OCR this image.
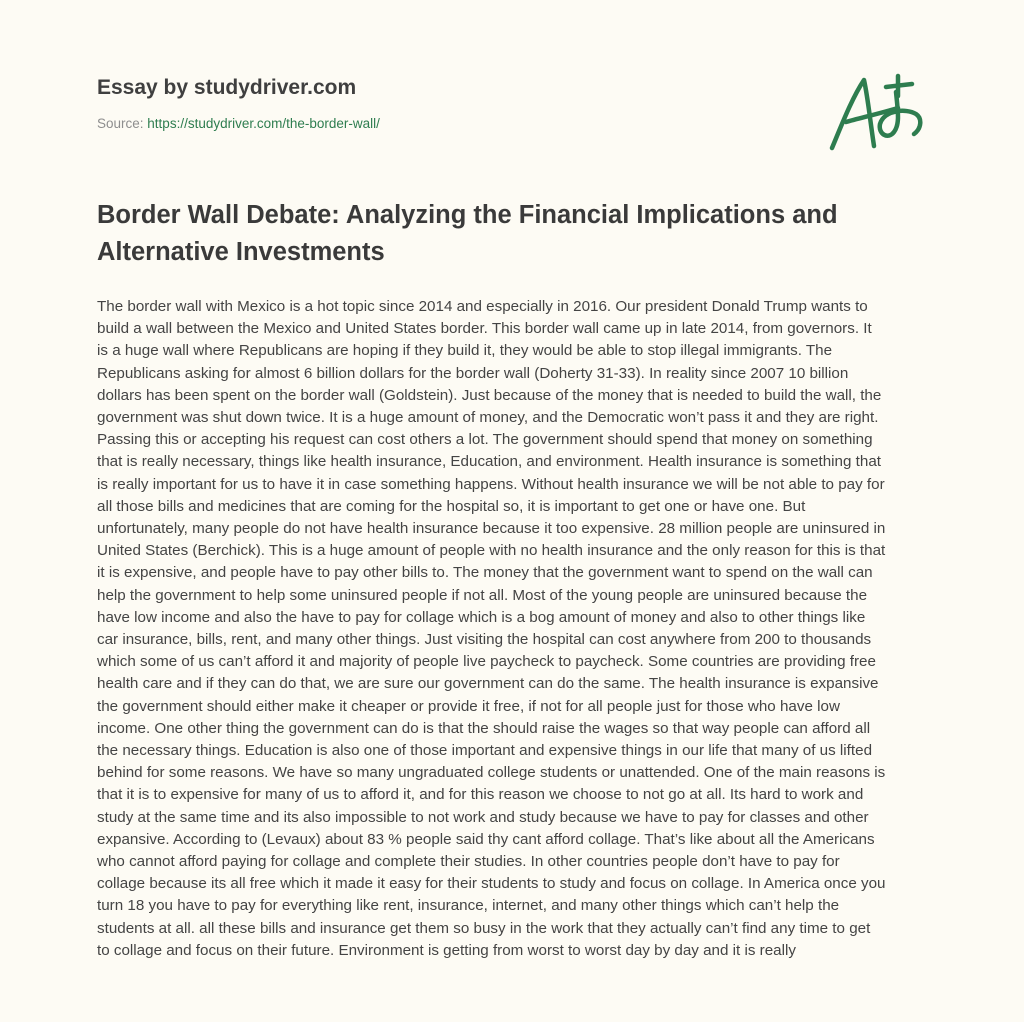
Essay by studydriver.com
Source: https://studydriver.com/the-border-wall/
Border Wall Debate: Analyzing the Financial Implications and Alternative Investments

The border wall with Mexico is a hot topic since 2014 and especially in 2016. Our president Donald Trump wants to
build a wall between the Mexico and United States border. This border wall came up in late 2014, from governors. It
is a huge wall where Republicans are hoping if they build it, they would be able to stop illegal immigrants. The
Republicans asking for almost 6 billion dollars for the border wall (Doherty 31-33). In reality since 2007 10 billion
dollars has been spent on the border wall (Goldstein). Just because of the money that is needed to build the wall, the
government was shut down twice. It is a huge amount of money, and the Democratic won’t pass it and they are right.
Passing this or accepting his request can cost others a lot. The government should spend that money on something
that is really necessary, things like health insurance, Education, and environment. Health insurance is something that
is really important for us to have it in case something happens. Without health insurance we will be not able to pay for
all those bills and medicines that are coming for the hospital so, it is important to get one or have one. But
unfortunately, many people do not have health insurance because it too expensive. 28 million people are uninsured in
United States (Berchick). This is a huge amount of people with no health insurance and the only reason for this is that
it is expensive, and people have to pay other bills to. The money that the government want to spend on the wall can
help the government to help some uninsured people if not all. Most of the young people are uninsured because the
have low income and also the have to pay for collage which is a bog amount of money and also to other things like
car insurance, bills, rent, and many other things. Just visiting the hospital can cost anywhere from 200 to thousands
which some of us can’t afford it and majority of people live paycheck to paycheck. Some countries are providing free
health care and if they can do that, we are sure our government can do the same. The health insurance is expansive
the government should either make it cheaper or provide it free, if not for all people just for those who have low
income. One other thing the government can do is that the should raise the wages so that way people can afford all
the necessary things. Education is also one of those important and expensive things in our life that many of us lifted
behind for some reasons. We have so many ungraduated college students or unattended. One of the main reasons is
that it is to expensive for many of us to afford it, and for this reason we choose to not go at all. Its hard to work and
study at the same time and its also impossible to not work and study because we have to pay for classes and other
expansive. According to (Levaux) about 83 % people said thy cant afford collage. That’s like about all the Americans
who cannot afford paying for collage and complete their studies. In other countries people don’t have to pay for
collage because its all free which it made it easy for their students to study and focus on collage. In America once you
turn 18 you have to pay for everything like rent, insurance, internet, and many other things which can’t help the
students at all. all these bills and insurance get them so busy in the work that they actually can’t find any time to get
to collage and focus on their future. Environment is getting from worst to worst day by day and it is really
